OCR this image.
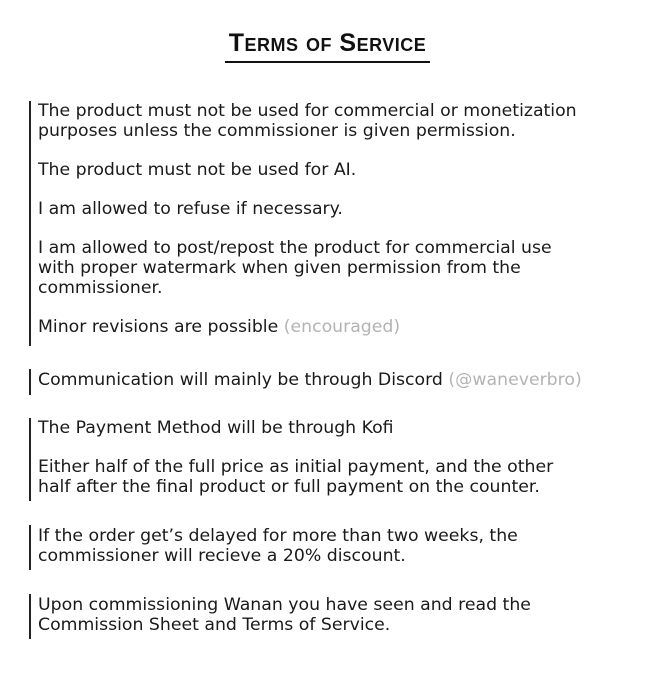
Terms of Service

The product must not be used for commercial or monetization
purposes unless the commissioner is given permission.

The product must not be used for AI.

I am allowed to refuse if necessary.

I am allowed to post/repost the product for commercial use
with proper watermark when given permission from the
commissioner.

Minor revisions are possible (encouraged)

Communication will mainly be through Discord (@waneverbro)

The Payment Method will be through Kofi

Either half of the full price as initial payment, and the other
half after the final product or full payment on the counter.

If the order get’s delayed for more than two weeks, the
commissioner will recieve a 20% discount.

Upon commissioning Wanan you have seen and read the
Commission Sheet and Terms of Service.
